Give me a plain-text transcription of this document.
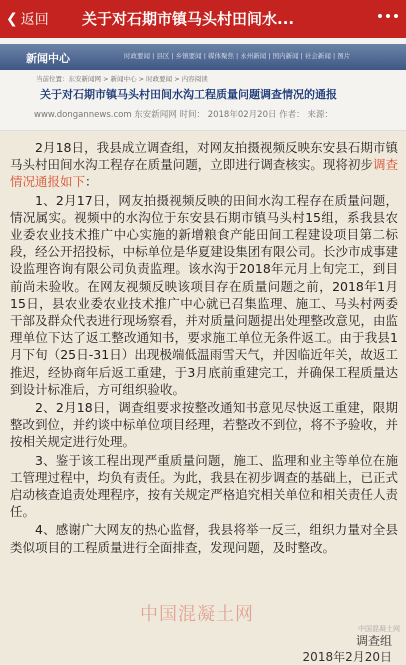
❮ 返回 关于对石期市镇马头村田间水...
新闻中心	时政要闻 | 县区 | 乡镇要闻 | 媒体聚焦 | 永州新闻 | 国内新闻 | 社会新闻 | 图片
当前位置：东安新闻网 > 新闻中心 > 时政要闻 > 内容阅读
关于对石期市镇马头村田间水沟工程质量问题调查情况的通报
www.dongannews.com 东安新闻网 时间： 2018年02月20日 作者： 来源：

2月18日，我县成立调查组，对网友拍摄视频反映东安县石期市镇马头村田间水沟工程存在质量问题，立即进行调查核实。现将初步调查情况通报如下：

1、2月17日，网友拍摄视频反映的田间水沟工程存在质量问题，情况属实。视频中的水沟位于东安县石期市镇马头村15组，系我县农业委农业技术推广中心实施的新增粮食产能田间工程建设项目第二标段，经公开招投标，中标单位是华夏建设集团有限公司。长沙市成事建设监理咨询有限公司负责监理。该水沟于2018年元月上旬完工，到目前尚未验收。在网友视频反映该项目存在质量问题之前，2018年1月15日，县农业委农业技术推广中心就已召集监理、施工、马头村两委干部及群众代表进行现场察看，并对质量问题提出处理整改意见，由监理单位下达了返工整改通知书，要求施工单位无条件返工。由于我县1月下旬（25日-31日）出现极端低温雨雪天气，并因临近年关，故返工推迟，经协商年后返工重建，于3月底前重建完工，并确保工程质量达到设计标准后，方可组织验收。

2、2月18日，调查组要求按整改通知书意见尽快返工重建，限期整改到位，并约谈中标单位项目经理，若整改不到位，将不予验收，并按相关规定进行处理。

3、鉴于该工程出现严重质量问题，施工、监理和业主等单位在施工管理过程中，均负有责任。为此，我县在初步调查的基础上，已正式启动核查追责处理程序，按有关规定严格追究相关单位和相关责任人责任。

4、感谢广大网友的热心监督，我县将举一反三，组织力量对全县类似项目的工程质量进行全面排查，发现问题，及时整改。

中国混凝土网
中国混凝土网
调查组
2018年2月20日
